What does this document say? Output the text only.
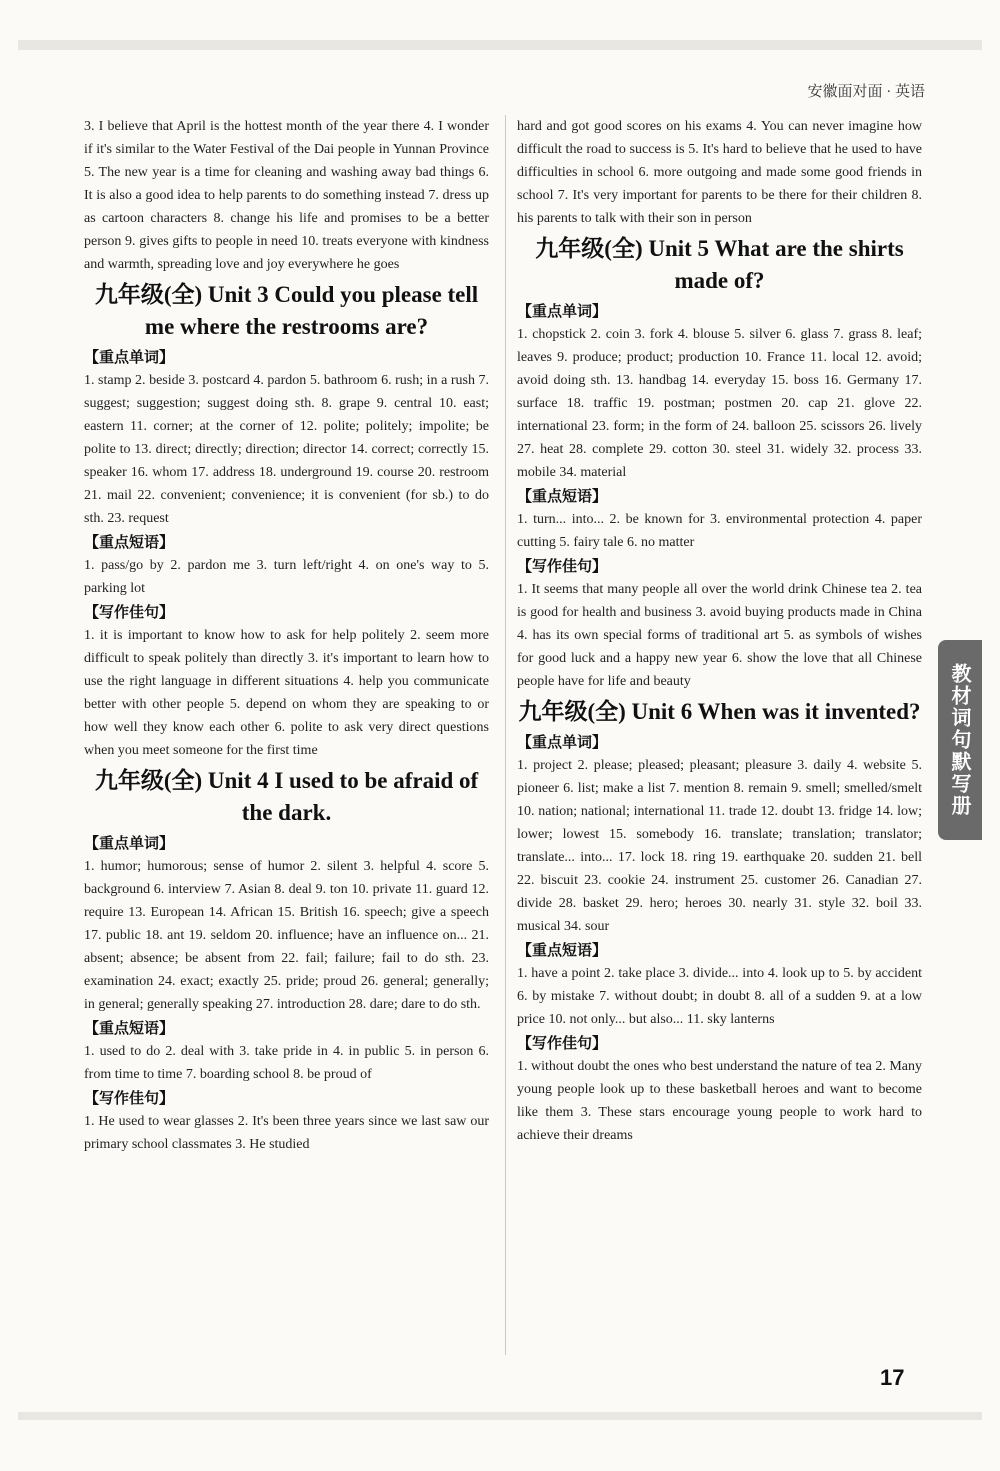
安徽面对面 · 英语

3. I believe that April is the hottest month of the year there 4. I wonder if it's similar to the Water Festival of the Dai people in Yunnan Province 5. The new year is a time for cleaning and washing away bad things 6. It is also a good idea to help parents to do something instead 7. dress up as cartoon characters 8. change his life and promises to be a better person 9. gives gifts to people in need 10. treats everyone with kindness and warmth, spreading love and joy everywhere he goes

九年级(全) Unit 3 Could you please tell me where the restrooms are?
【重点单词】

1. stamp 2. beside 3. postcard 4. pardon 5. bathroom 6. rush; in a rush 7. suggest; suggestion; suggest doing sth. 8. grape 9. central 10. east; eastern 11. corner; at the corner of 12. polite; politely; impolite; be polite to 13. direct; directly; direction; director 14. correct; correctly 15. speaker 16. whom 17. address 18. underground 19. course 20. restroom 21. mail 22. convenient; convenience; it is convenient (for sb.) to do sth. 23. request

【重点短语】

1. pass/go by 2. pardon me 3. turn left/right 4. on one's way to 5. parking lot

【写作佳句】

1. it is important to know how to ask for help politely 2. seem more difficult to speak politely than directly 3. it's important to learn how to use the right language in different situations 4. help you communicate better with other people 5. depend on whom they are speaking to or how well they know each other 6. polite to ask very direct questions when you meet someone for the first time

九年级(全) Unit 4 I used to be afraid of the dark.
【重点单词】

1. humor; humorous; sense of humor 2. silent 3. helpful 4. score 5. background 6. interview 7. Asian 8. deal 9. ton 10. private 11. guard 12. require 13. European 14. African 15. British 16. speech; give a speech 17. public 18. ant 19. seldom 20. influence; have an influence on... 21. absent; absence; be absent from 22. fail; failure; fail to do sth. 23. examination 24. exact; exactly 25. pride; proud 26. general; generally; in general; generally speaking 27. introduction 28. dare; dare to do sth.

【重点短语】

1. used to do 2. deal with 3. take pride in 4. in public 5. in person 6. from time to time 7. boarding school 8. be proud of

【写作佳句】

1. He used to wear glasses 2. It's been three years since we last saw our primary school classmates 3. He studied

hard and got good scores on his exams 4. You can never imagine how difficult the road to success is 5. It's hard to believe that he used to have difficulties in school 6. more outgoing and made some good friends in school 7. It's very important for parents to be there for their children 8. his parents to talk with their son in person

九年级(全) Unit 5 What are the shirts made of?
【重点单词】

1. chopstick 2. coin 3. fork 4. blouse 5. silver 6. glass 7. grass 8. leaf; leaves 9. produce; product; production 10. France 11. local 12. avoid; avoid doing sth. 13. handbag 14. everyday 15. boss 16. Germany 17. surface 18. traffic 19. postman; postmen 20. cap 21. glove 22. international 23. form; in the form of 24. balloon 25. scissors 26. lively 27. heat 28. complete 29. cotton 30. steel 31. widely 32. process 33. mobile 34. material

【重点短语】

1. turn... into... 2. be known for 3. environmental protection 4. paper cutting 5. fairy tale 6. no matter

【写作佳句】

1. It seems that many people all over the world drink Chinese tea 2. tea is good for health and business 3. avoid buying products made in China 4. has its own special forms of traditional art 5. as symbols of wishes for good luck and a happy new year 6. show the love that all Chinese people have for life and beauty

九年级(全) Unit 6 When was it invented?
【重点单词】

1. project 2. please; pleased; pleasant; pleasure 3. daily 4. website 5. pioneer 6. list; make a list 7. mention 8. remain 9. smell; smelled/smelt 10. nation; national; international 11. trade 12. doubt 13. fridge 14. low; lower; lowest 15. somebody 16. translate; translation; translator; translate... into... 17. lock 18. ring 19. earthquake 20. sudden 21. bell 22. biscuit 23. cookie 24. instrument 25. customer 26. Canadian 27. divide 28. basket 29. hero; heroes 30. nearly 31. style 32. boil 33. musical 34. sour

【重点短语】

1. have a point 2. take place 3. divide... into 4. look up to 5. by accident 6. by mistake 7. without doubt; in doubt 8. all of a sudden 9. at a low price 10. not only... but also... 11. sky lanterns

【写作佳句】

1. without doubt the ones who best understand the nature of tea 2. Many young people look up to these basketball heroes and want to become like them 3. These stars encourage young people to work hard to achieve their dreams

教材词句默写册
17
